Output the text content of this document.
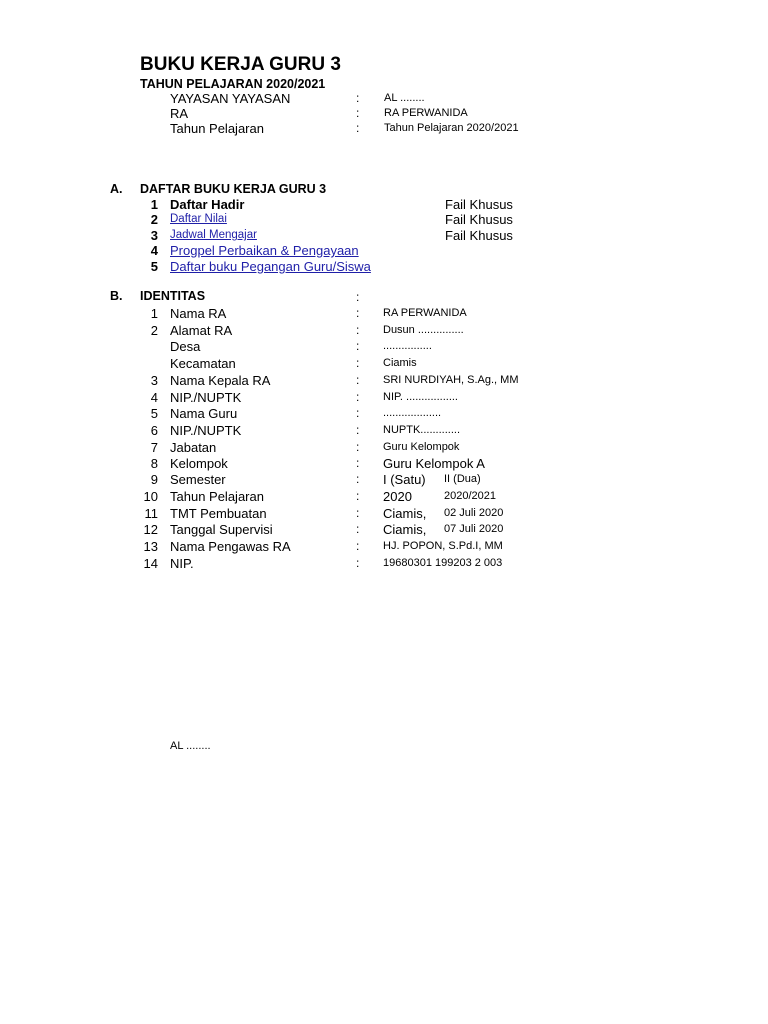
BUKU KERJA GURU 3
TAHUN PELAJARAN 2020/2021
YAYASAN YAYASAN	: AL ........
RA	: RA PERWANIDA
Tahun Pelajaran	: Tahun Pelajaran 2020/2021
A. DAFTAR BUKU KERJA GURU 3
1 Daftar Hadir	Fail Khusus
2 Daftar Nilai	Fail Khusus
3 Jadwal Mengajar	Fail Khusus
4 Progpel Perbaikan & Pengayaan
5 Daftar buku Pegangan Guru/Siswa
B. IDENTITAS	:
1 Nama RA	: RA PERWANIDA
2 Alamat RA	: Dusun ...............
Desa	: ................
Kecamatan	: Ciamis
3 Nama Kepala RA	: SRI NURDIYAH, S.Ag., MM
4 NIP./NUPTK	: NIP. .................
5 Nama Guru	: ...................
6 NIP./NUPTK	: NUPTK.............
7 Jabatan	: Guru Kelompok
8 Kelompok	: Guru Kelompok A
9 Semester	: I (Satu) II (Dua)
10 Tahun Pelajaran	: 2020	2020/2021
11 TMT Pembuatan	: Ciamis, 02 Juli 2020
12 Tanggal Supervisi	: Ciamis, 07 Juli 2020
13 Nama Pengawas RA	: HJ. POPON, S.Pd.I, MM
14 NIP.	: 19680301 199203 2 003
AL ........
